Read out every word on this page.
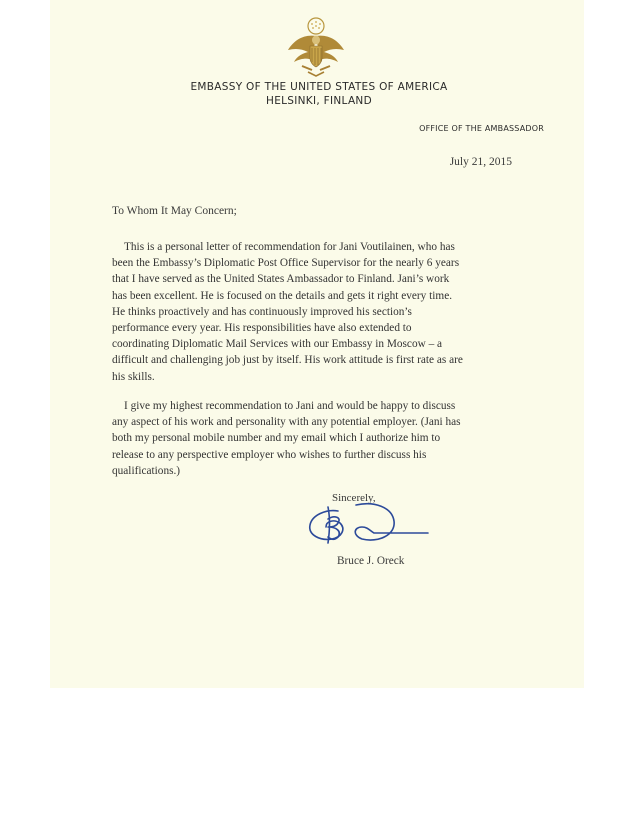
EMBASSY OF THE UNITED STATES OF AMERICA
HELSINKI, FINLAND
OFFICE OF THE AMBASSADOR
July 21, 2015
To Whom It May Concern;
This is a personal letter of recommendation for Jani Voutilainen, who has
been the Embassy’s Diplomatic Post Office Supervisor for the nearly 6 years
that I have served as the United States Ambassador to Finland. Jani’s work
has been excellent. He is focused on the details and gets it right every time.
He thinks proactively and has continuously improved his section’s
performance every year. His responsibilities have also extended to
coordinating Diplomatic Mail Services with our Embassy in Moscow – a
difficult and challenging job just by itself. His work attitude is first rate as are
his skills.
I give my highest recommendation to Jani and would be happy to discuss
any aspect of his work and personality with any potential employer. (Jani has
both my personal mobile number and my email which I authorize him to
release to any perspective employer who wishes to further discuss his
qualifications.)
Sincerely,
Bruce J. Oreck
